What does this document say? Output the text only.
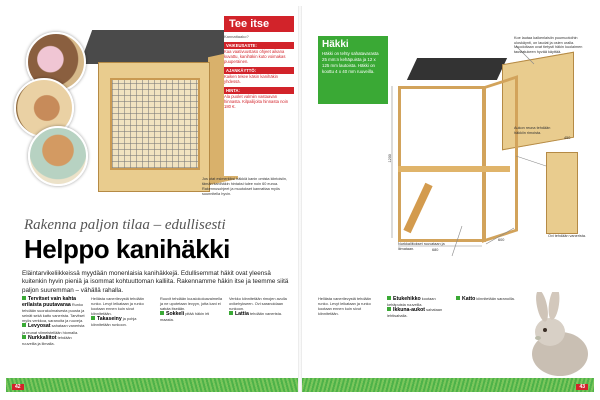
Tee itse
Kannattaako?
VAIKEUSASTE:
Kaa vaativuustaso ohjeet aikana kuvattu, kanihäkin kuto voimakas puuperäinen.
AJANKÄYTTÖ:
Kaiken tekee käsin kanihäkin yhdessä.
HINTA:
Ala puolet valmiin vastaavan hinnasta. Kilpailijoita hinnasta noin 180 €.
Jos otat esimerkiksi häkkiä kanin omista kiintoisiin, tämän kanihäkin hintaksi tulee noin 60 euroa. Rakennusohjeet ja muutokset kannattaa myös suunnitella hyvin.
Rakenna paljon tilaa – edullisesti
Helppo kanihäkki
Eläintarvikeliikkeissä myydään monenlaisia kanihäkkejä. Edullisemmat häkit ovat yleensä kuitenkin hyvin pieniä ja isommat kohtuuttoman kalliita. Rakennamme häkin itse ja teemme siitä paljon suuremman – vähällä rahalla.
Tervitset vain kahta erilaista puutavaraa Runko tehdään suorakulmaisesta puusta ja seinät sekä katto vanerista. Tarvitset myös verkkoa, saranoita ja ruuveja.
Levyosat sahataan vanerista ja reunat viimeistellään hiomalla.
Nurkkaliitot tehdään ruuveilla ja liimalla.
Hellästa vanerilevystä tehdään runko. Levyt leikataan ja runko kootaan ennen kuin sivut kiinnitetään.
Takaseiny ja pohja kiinnitetään runkoon.
Ruuvit tehdään kuusiokoloavaimella ja ne upotetaan levyyn, jotta kani ei satuta itseään.
Sokkeli pitää häkin irti maasta.
Verkko kiinnitetään rimojen avulla ovikehykseen. Ovi saranoidaan runkoon.
Lattia tehdään vanerista.
42
Häkki
Häkki on tehty sahatavarasta 25 mm:n kehäpuista ja 12 x 125 mm lautoista. Häkki on koottu 4 x 40 mm ruuveilla.
1200
680
600
450
Koe lautaa kaikenlaisiin puumuotoihin uloskäynti, on laudat ja osien uralla. Muodoltaan ovat tietysti häkin kuolaimen taustatukeen hyvää käyttää.
Aukon reuna tehdään häkkiin rimoista.
Nurkkaliitokset ruuvataan ja liimataan.
Ovi tehdään vanerista.
Hellästa vanerilevystä tehdään runko. Levyt leikataan ja runko kootaan ennen kuin sivut kiinnitetään.
Etukehikko kootaan kehäpuista ruuveilla.
Ikkuna-aukot sahataan lehtisahalla.
Katto kiinnitetään saranoilla.
43
